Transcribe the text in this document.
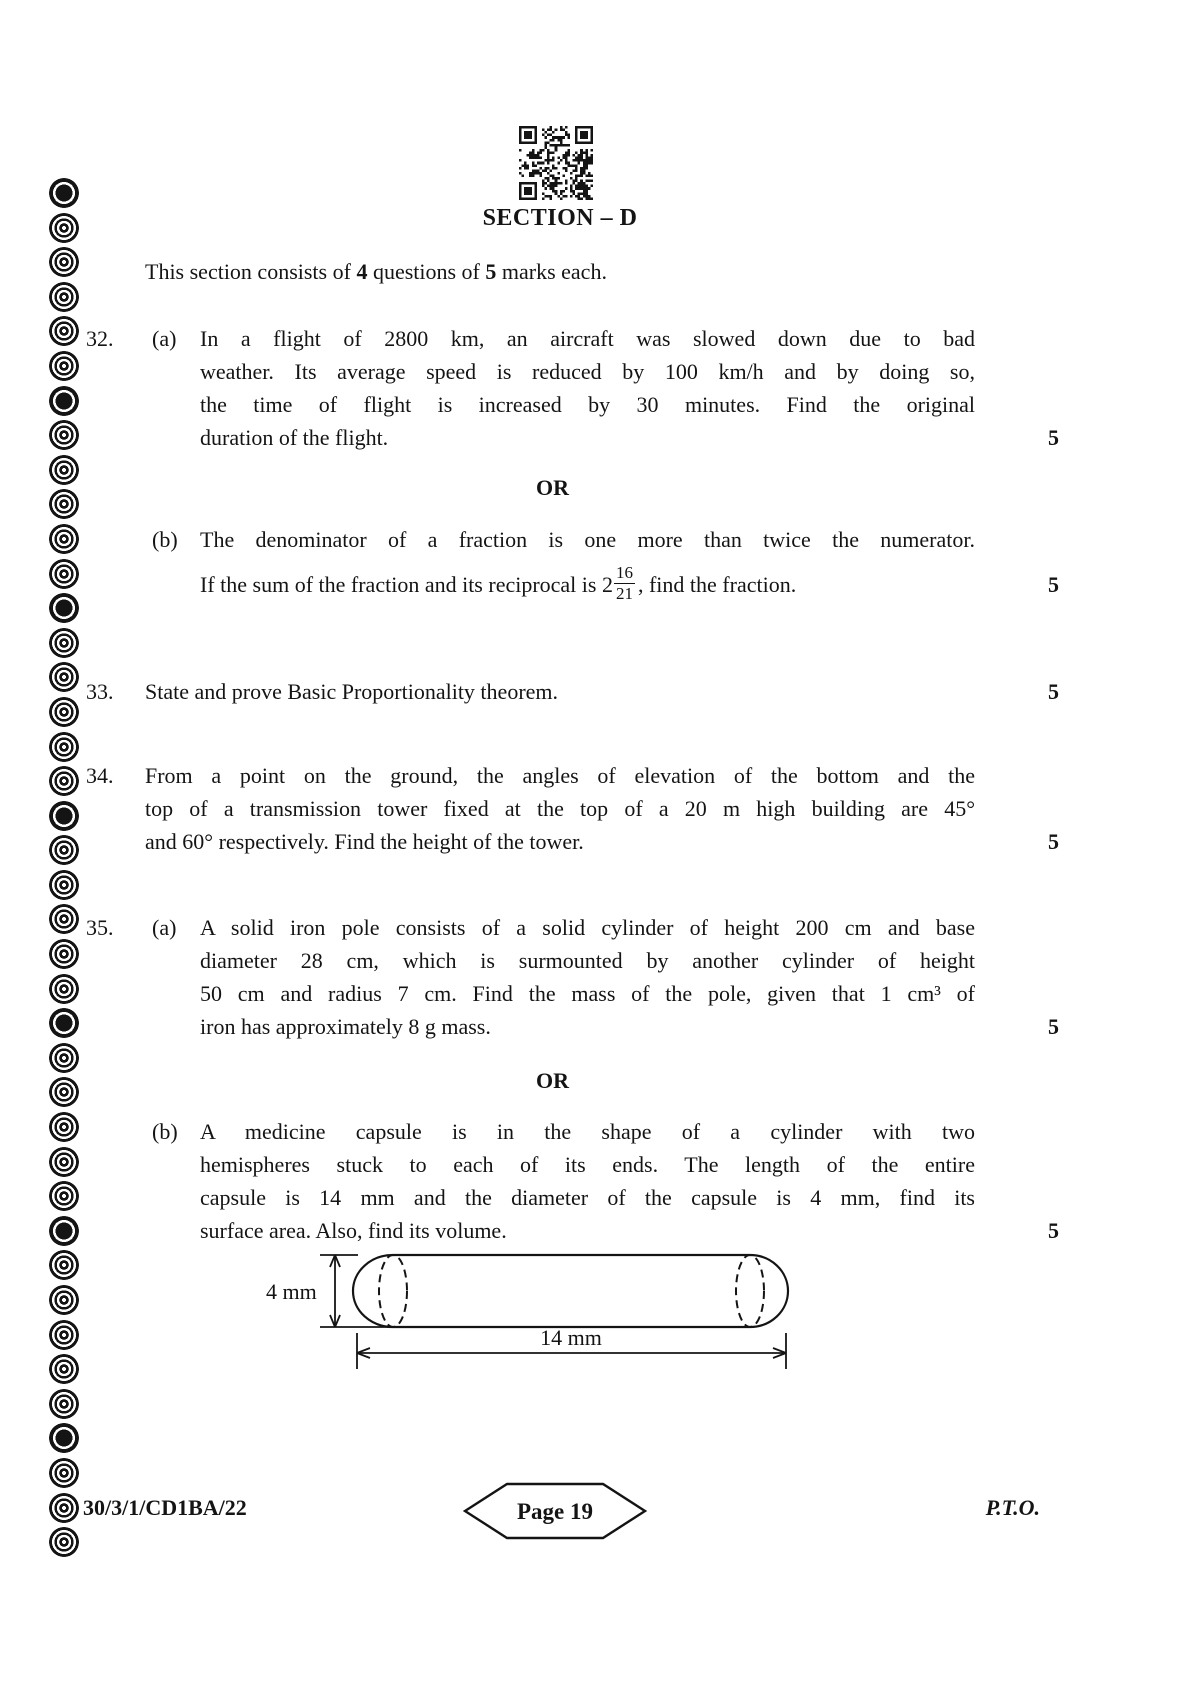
SECTION – D
This section consists of 4 questions of 5 marks each.
32.	(a)	In a flight of 2800 km, an aircraft was slowed down due to bad
weather. Its average speed is reduced by 100 km/h and by doing so,
the time of flight is increased by 30 minutes. Find the original
duration of the flight.	5
OR
(b)	The denominator of a fraction is one more than twice the numerator.
If the sum of the fraction and its reciprocal is $2 \frac{16}{21}$ , find the fraction.	5
33.	State and prove Basic Proportionality theorem.	5
34.	From a point on the ground, the angles of elevation of the bottom and the
top of a transmission tower fixed at the top of a 20 m high building are 45°
and 60° respectively. Find the height of the tower.	5
35.	(a)	A solid iron pole consists of a solid cylinder of height 200 cm and base
diameter 28 cm, which is surmounted by another cylinder of height
50 cm and radius 7 cm. Find the mass of the pole, given that 1 cm³ of
iron has approximately 8 g mass.	5
OR
(b)	A medicine capsule is in the shape of a cylinder with two
hemispheres stuck to each of its ends. The length of the entire
capsule is 14 mm and the diameter of the capsule is 4 mm, find its
surface area. Also, find its volume.	5
4 mm
14 mm
30/3/1/CD1BA/22	Page 19	P.T.O.
